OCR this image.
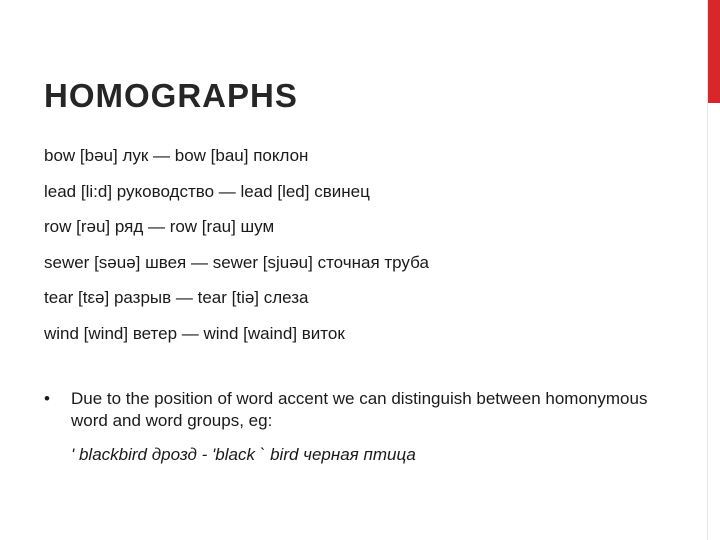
HOMOGRAPHS
bow [bəu] лук — bow [bau] поклон
lead [li:d] руководство — lead [led] свинец
row [rəu] ряд — row [rau] шум
sewer [səuə] швея — sewer [sjuəu] сточная труба
tear [tεə] разрыв — tear [tiə] слеза
wind [wind] ветер — wind [waind] виток
• Due to the position of word accent we can distinguish between homonymous word and word groups, eg:
' blackbird дрозд - 'black ` bird черная птица
